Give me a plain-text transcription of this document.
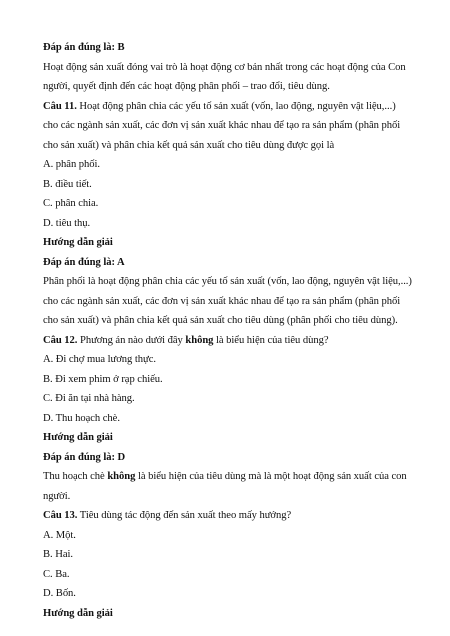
Đáp án đúng là: B
Hoạt động sản xuất đóng vai trò là hoạt động cơ bản nhất trong các hoạt động của Con
người, quyết định đến các hoạt động phân phối – trao đổi, tiêu dùng.
Câu 11. Hoạt động phân chia các yếu tố sản xuất (vốn, lao động, nguyên vật liệu,...)
cho các ngành sản xuất, các đơn vị sản xuất khác nhau để tạo ra sản phẩm (phân phối
cho sản xuất) và phân chia kết quả sản xuất cho tiêu dùng được gọi là
A. phân phối.
B. điều tiết.
C. phân chia.
D. tiêu thụ.
Hướng dẫn giải
Đáp án đúng là: A
Phân phối là hoạt động phân chia các yếu tố sản xuất (vốn, lao động, nguyên vật liệu,...)
cho các ngành sản xuất, các đơn vị sản xuất khác nhau để tạo ra sản phẩm (phân phối
cho sản xuất) và phân chia kết quả sản xuất cho tiêu dùng (phân phối cho tiêu dùng).
Câu 12. Phương án nào dưới đây không là biểu hiện của tiêu dùng?
A. Đi chợ mua lương thực.
B. Đi xem phim ở rạp chiếu.
C. Đi ăn tại nhà hàng.
D. Thu hoạch chè.
Hướng dẫn giải
Đáp án đúng là: D
Thu hoạch chè không là biểu hiện của tiêu dùng mà là một hoạt động sản xuất của con
người.
Câu 13. Tiêu dùng tác động đến sản xuất theo mấy hướng?
A. Một.
B. Hai.
C. Ba.
D. Bốn.
Hướng dẫn giải
